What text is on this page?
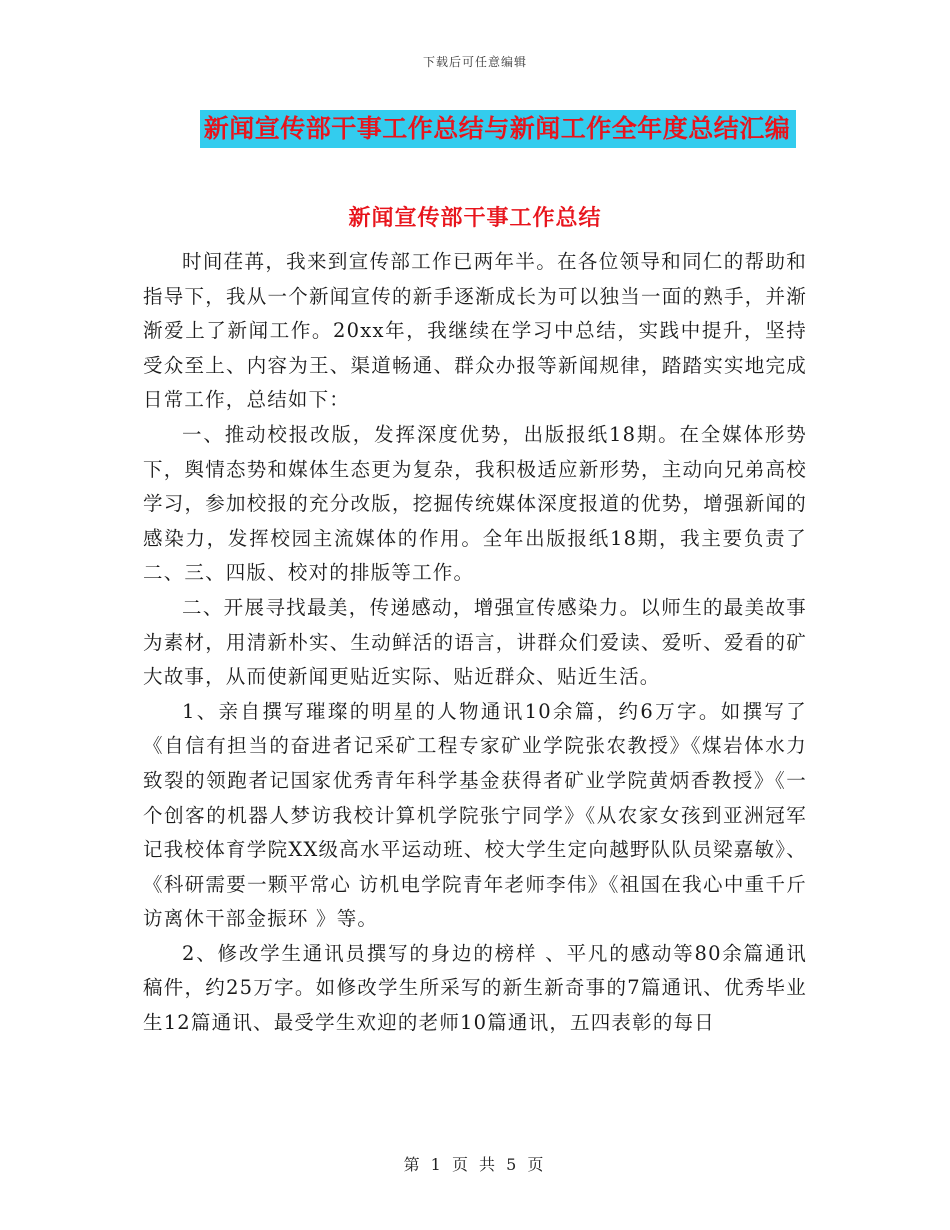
下载后可任意编辑
新闻宣传部干事工作总结与新闻工作全年度总结汇编
新闻宣传部干事工作总结

时间荏苒，我来到宣传部工作已两年半。在各位领导和同仁的帮助和指导下，我从一个新闻宣传的新手逐渐成长为可以独当一面的熟手，并渐渐爱上了新闻工作。20xx年，我继续在学习中总结，实践中提升，坚持受众至上、内容为王、渠道畅通、群众办报等新闻规律，踏踏实实地完成日常工作，总结如下：

一、推动校报改版，发挥深度优势，出版报纸18期。在全媒体形势下，舆情态势和媒体生态更为复杂，我积极适应新形势，主动向兄弟高校学习，参加校报的充分改版，挖掘传统媒体深度报道的优势，增强新闻的感染力，发挥校园主流媒体的作用。全年出版报纸18期，我主要负责了二、三、四版、校对的排版等工作。

二、开展寻找最美，传递感动，增强宣传感染力。以师生的最美故事为素材，用清新朴实、生动鲜活的语言，讲群众们爱读、爱听、爱看的矿大故事，从而使新闻更贴近实际、贴近群众、贴近生活。

1、亲自撰写璀璨的明星的人物通讯10余篇，约6万字。如撰写了《自信有担当的奋进者记采矿工程专家矿业学院张农教授》《煤岩体水力致裂的领跑者记国家优秀青年科学基金获得者矿业学院黄炳香教授》《一个创客的机器人梦访我校计算机学院张宁同学》《从农家女孩到亚洲冠军 记我校体育学院XX级高水平运动班、校大学生定向越野队队员梁嘉敏》、《科研需要一颗平常心 访机电学院青年老师李伟》《祖国在我心中重千斤访离休干部金振环 》等。

2、修改学生通讯员撰写的身边的榜样 、平凡的感动等80余篇通讯稿件，约25万字。如修改学生所采写的新生新奇事的7篇通讯、优秀毕业生12篇通讯、最受学生欢迎的老师10篇通讯，五四表彰的每日

第 1 页 共 5 页
